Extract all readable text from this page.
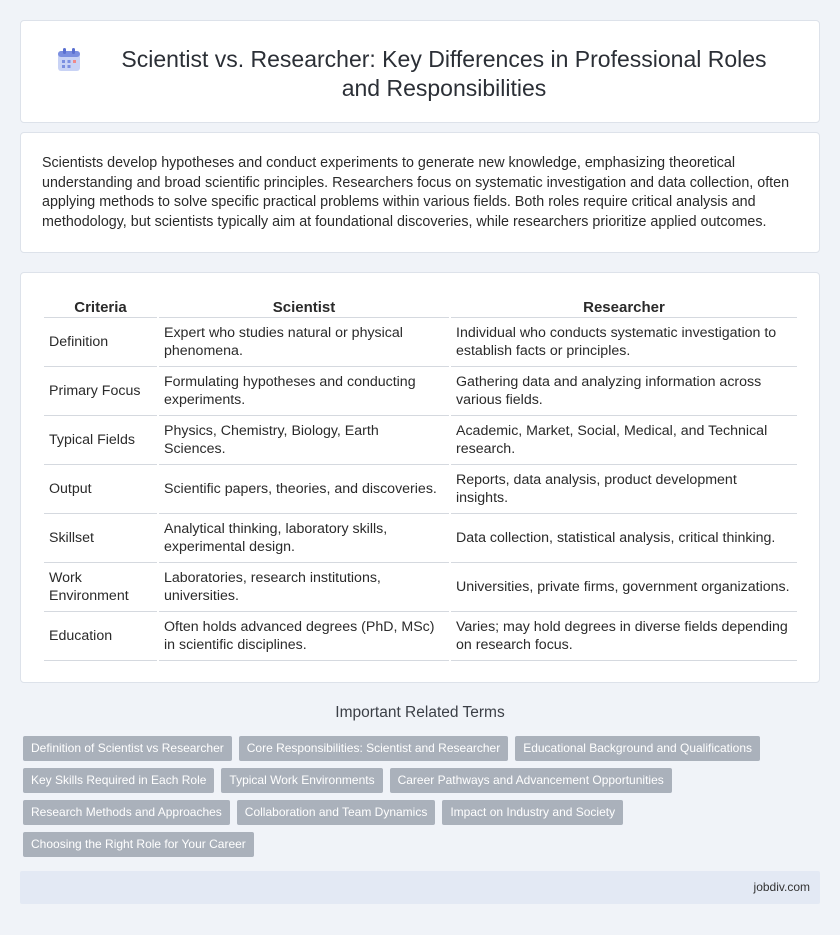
Scientist vs. Researcher: Key Differences in Professional Roles and Responsibilities

Scientists develop hypotheses and conduct experiments to generate new knowledge, emphasizing theoretical understanding and broad scientific principles. Researchers focus on systematic investigation and data collection, often applying methods to solve specific practical problems within various fields. Both roles require critical analysis and methodology, but scientists typically aim at foundational discoveries, while researchers prioritize applied outcomes.

Criteria	Scientist	Researcher
Definition	Expert who studies natural or physical phenomena.	Individual who conducts systematic investigation to establish facts or principles.
Primary Focus	Formulating hypotheses and conducting experiments.	Gathering data and analyzing information across various fields.
Typical Fields	Physics, Chemistry, Biology, Earth Sciences.	Academic, Market, Social, Medical, and Technical research.
Output	Scientific papers, theories, and discoveries.	Reports, data analysis, product development insights.
Skillset	Analytical thinking, laboratory skills, experimental design.	Data collection, statistical analysis, critical thinking.
Work Environment	Laboratories, research institutions, universities.	Universities, private firms, government organizations.
Education	Often holds advanced degrees (PhD, MSc) in scientific disciplines.	Varies; may hold degrees in diverse fields depending on research focus.
Important Related Terms
Definition of Scientist vs Researcher	Core Responsibilities: Scientist and Researcher	Educational Background and Qualifications
Key Skills Required in Each Role	Typical Work Environments	Career Pathways and Advancement Opportunities
Research Methods and Approaches	Collaboration and Team Dynamics	Impact on Industry and Society
Choosing the Right Role for Your Career
jobdiv.com
